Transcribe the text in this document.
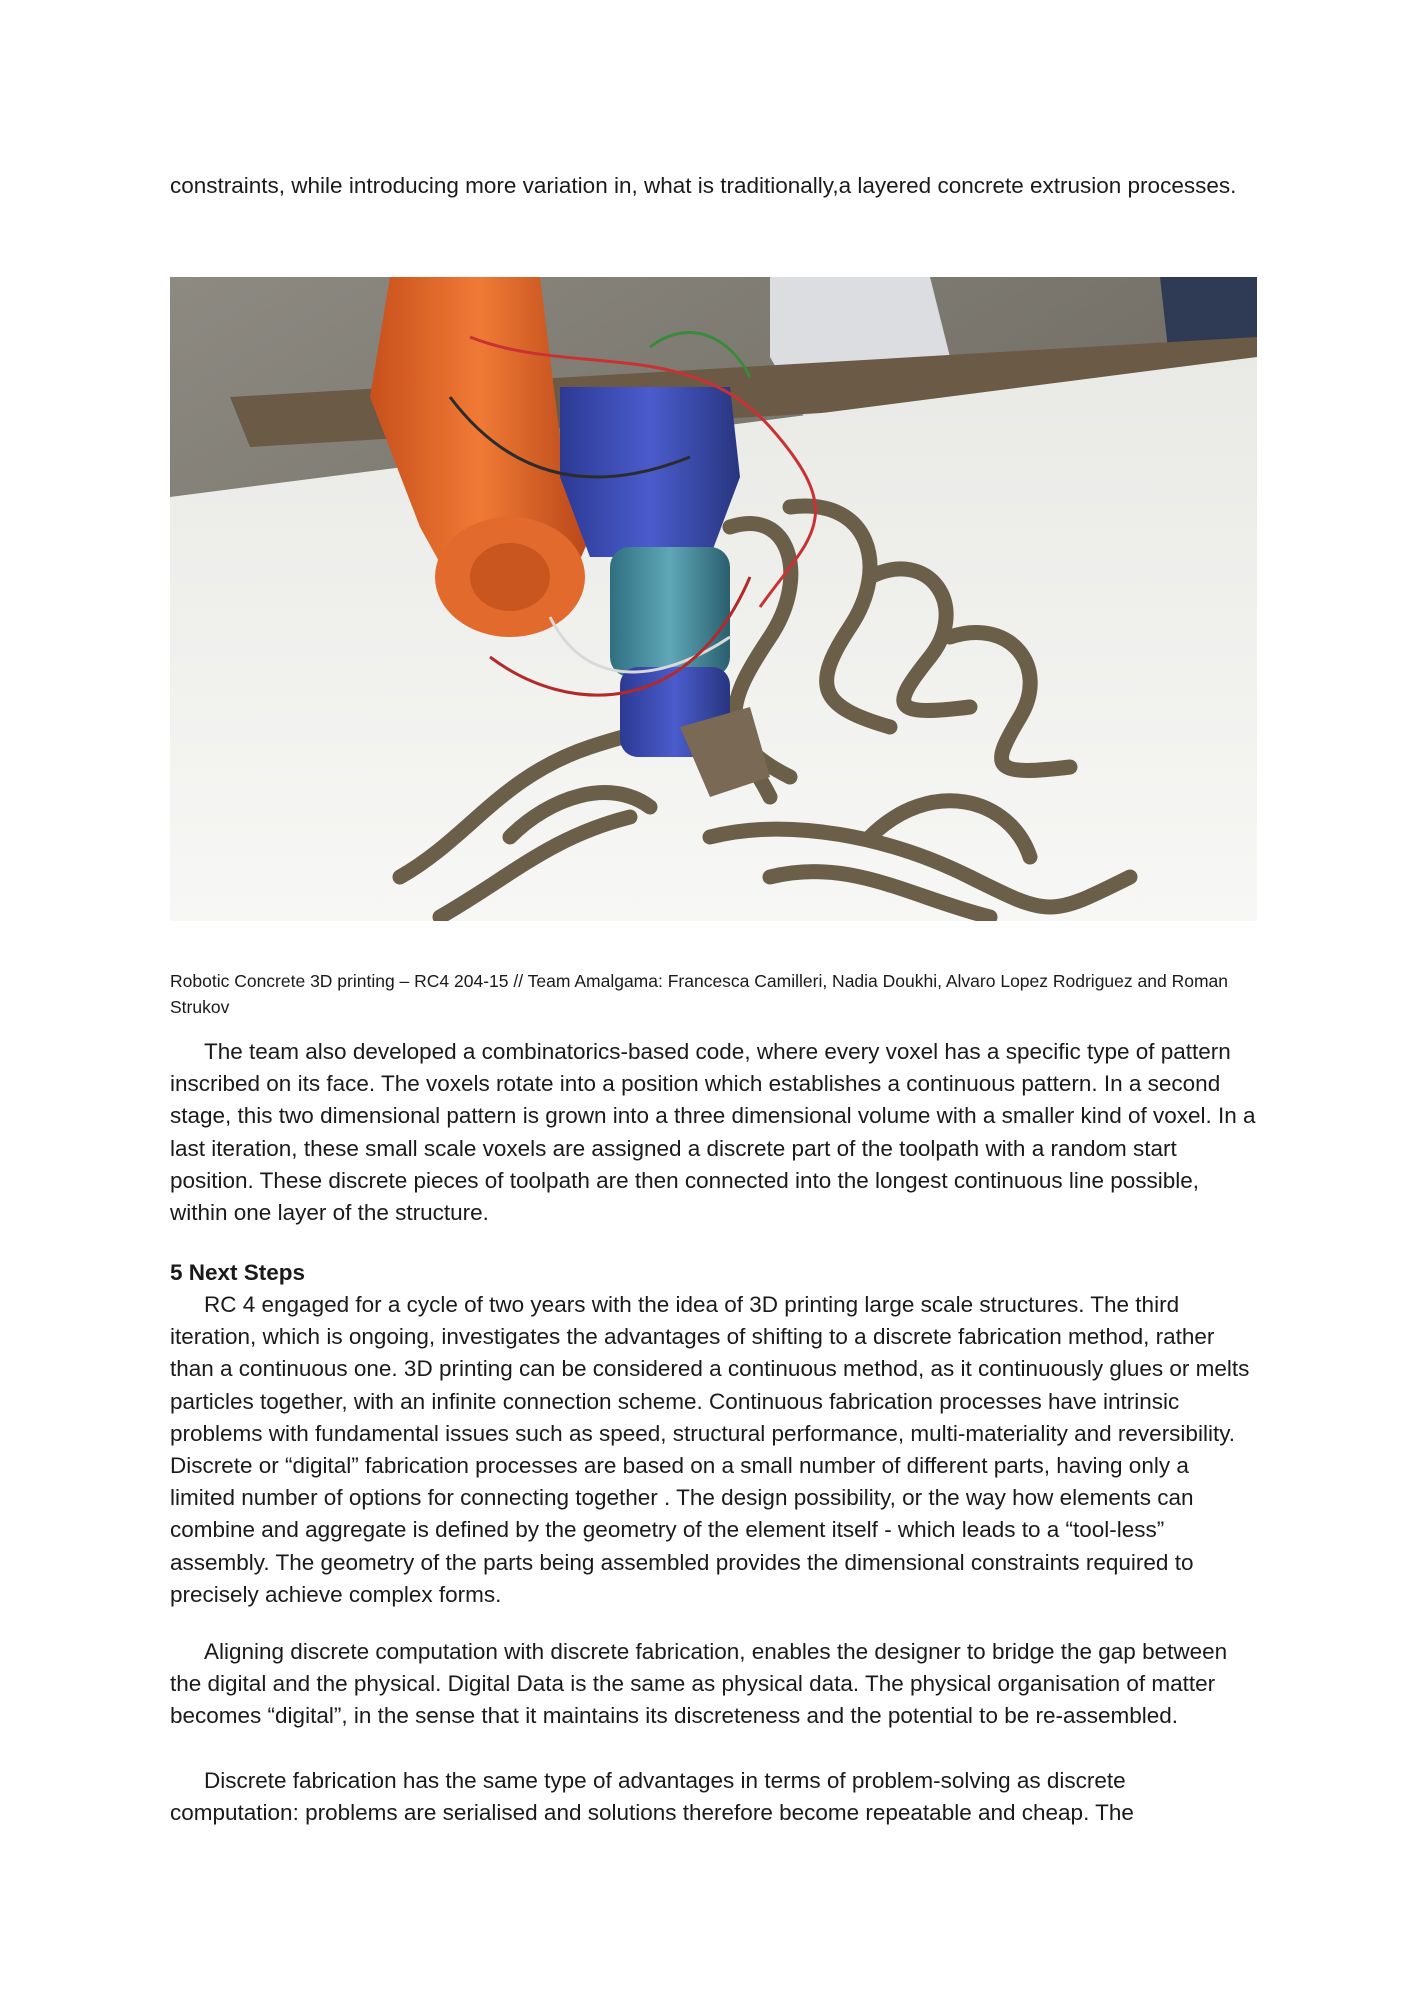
constraints, while introducing more variation in, what is traditionally,a layered concrete extrusion processes.

Robotic Concrete 3D printing – RC4 204-15 // Team Amalgama: Francesca Camilleri, Nadia Doukhi, Alvaro Lopez Rodriguez and Roman Strukov

The team also developed a combinatorics-based code, where every voxel has a specific type of pattern inscribed on its face. The voxels rotate into a position which establishes a continuous pattern. In a second stage, this two dimensional pattern is grown into a three dimensional volume with a smaller kind of voxel. In a last iteration, these small scale voxels are assigned a discrete part of the toolpath with a random start position. These discrete pieces of toolpath are then connected into the longest continuous line possible, within one layer of the structure.

5 Next Steps

RC 4 engaged for a cycle of two years with the idea of 3D printing large scale structures. The third iteration, which is ongoing, investigates the advantages of shifting to a discrete fabrication method, rather than a continuous one. 3D printing can be considered a continuous method, as it continuously glues or melts particles together, with an infinite connection scheme. Continuous fabrication processes have intrinsic problems with fundamental issues such as speed, structural performance, multi-materiality and reversibility. Discrete or “digital” fabrication processes are based on a small number of different parts, having only a limited number of options for connecting together . The design possibility, or the way how elements can combine and aggregate is defined by the geometry of the element itself - which leads to a “tool-less” assembly. The geometry of the parts being assembled provides the dimensional constraints required to precisely achieve complex forms.

Aligning discrete computation with discrete fabrication, enables the designer to bridge the gap between the digital and the physical. Digital Data is the same as physical data. The physical organisation of matter becomes “digital”, in the sense that it maintains its discreteness and the potential to be re-assembled.

Discrete fabrication has the same type of advantages in terms of problem-solving as discrete computation: problems are serialised and solutions therefore become repeatable and cheap. The
